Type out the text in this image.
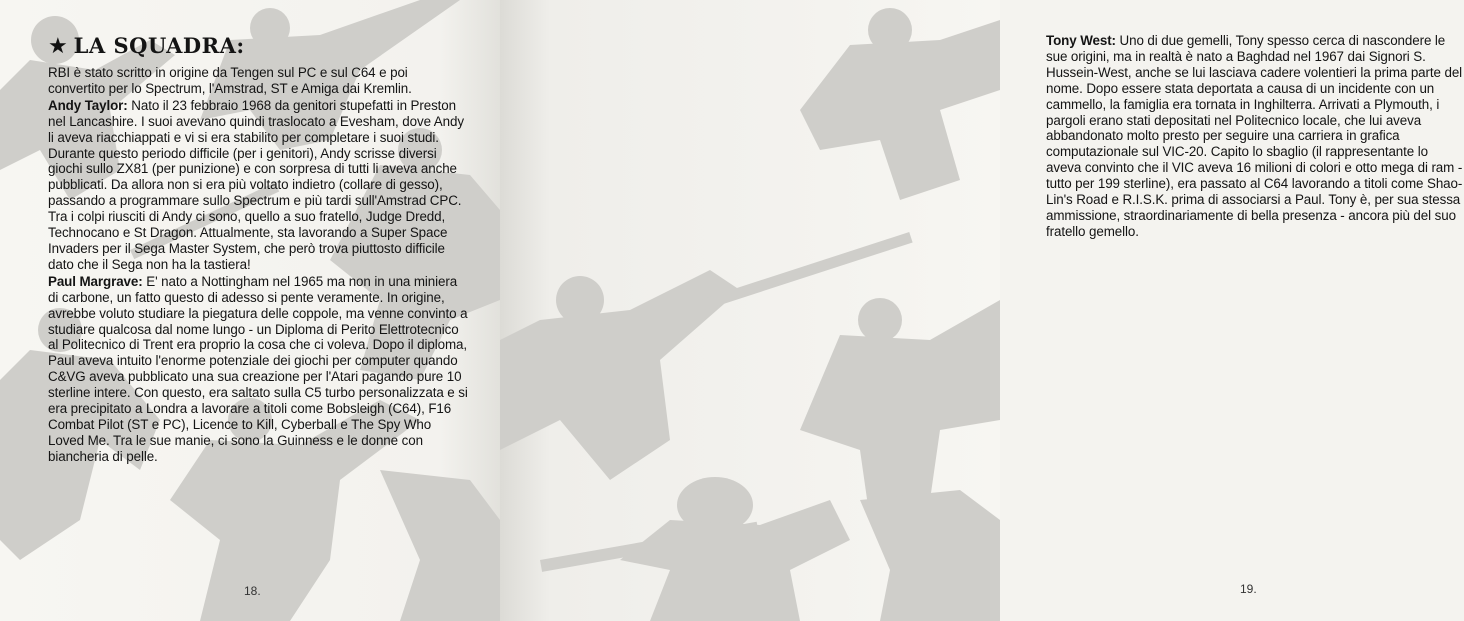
★ LA SQUADRA:

RBI è stato scritto in origine da Tengen sul PC e sul C64 e poi convertito per lo Spectrum, l'Amstrad, ST e Amiga dai Kremlin.

Andy Taylor: Nato il 23 febbraio 1968 da genitori stupefatti in Preston nel Lancashire. I suoi avevano quindi traslocato a Evesham, dove Andy li aveva riacchiappati e vi si era stabilito per completare i suoi studi. Durante questo periodo difficile (per i genitori), Andy scrisse diversi giochi sullo ZX81 (per punizione) e con sorpresa di tutti li aveva anche pubblicati. Da allora non si era più voltato indietro (collare di gesso), passando a programmare sullo Spectrum e più tardi sull'Amstrad CPC. Tra i colpi riusciti di Andy ci sono, quello a suo fratello, Judge Dredd, Technocano e St Dragon. Attualmente, sta lavorando a Super Space Invaders per il Sega Master System, che però trova piuttosto difficile dato che il Sega non ha la tastiera!

Paul Margrave: E' nato a Nottingham nel 1965 ma non in una miniera di carbone, un fatto questo di adesso si pente veramente. In origine, avrebbe voluto studiare la piegatura delle coppole, ma venne convinto a studiare qualcosa dal nome lungo - un Diploma di Perito Elettrotecnico al Politecnico di Trent era proprio la cosa che ci voleva. Dopo il diploma, Paul aveva intuito l'enorme potenziale dei giochi per computer quando C&VG aveva pubblicato una sua creazione per l'Atari pagando pure 10 sterline intere. Con questo, era saltato sulla C5 turbo personalizzata e si era precipitato a Londra a lavorare a titoli come Bobsleigh (C64), F16 Combat Pilot (ST e PC), Licence to Kill, Cyberball e The Spy Who Loved Me. Tra le sue manie, ci sono la Guinness e le donne con biancheria di pelle.

18.

Tony West: Uno di due gemelli, Tony spesso cerca di nascondere le sue origini, ma in realtà è nato a Baghdad nel 1967 dai Signori S. Hussein-West, anche se lui lasciava cadere volentieri la prima parte del nome. Dopo essere stata deportata a causa di un incidente con un cammello, la famiglia era tornata in Inghilterra. Arrivati a Plymouth, i pargoli erano stati depositati nel Politecnico locale, che lui aveva abbandonato molto presto per seguire una carriera in grafica computazionale sul VIC-20. Capito lo sbaglio (il rappresentante lo aveva convinto che il VIC aveva 16 milioni di colori e otto mega di ram - tutto per 199 sterline), era passato al C64 lavorando a titoli come Shao-Lin's Road e R.I.S.K. prima di associarsi a Paul. Tony è, per sua stessa ammissione, straordinariamente di bella presenza - ancora più del suo fratello gemello.

19.
